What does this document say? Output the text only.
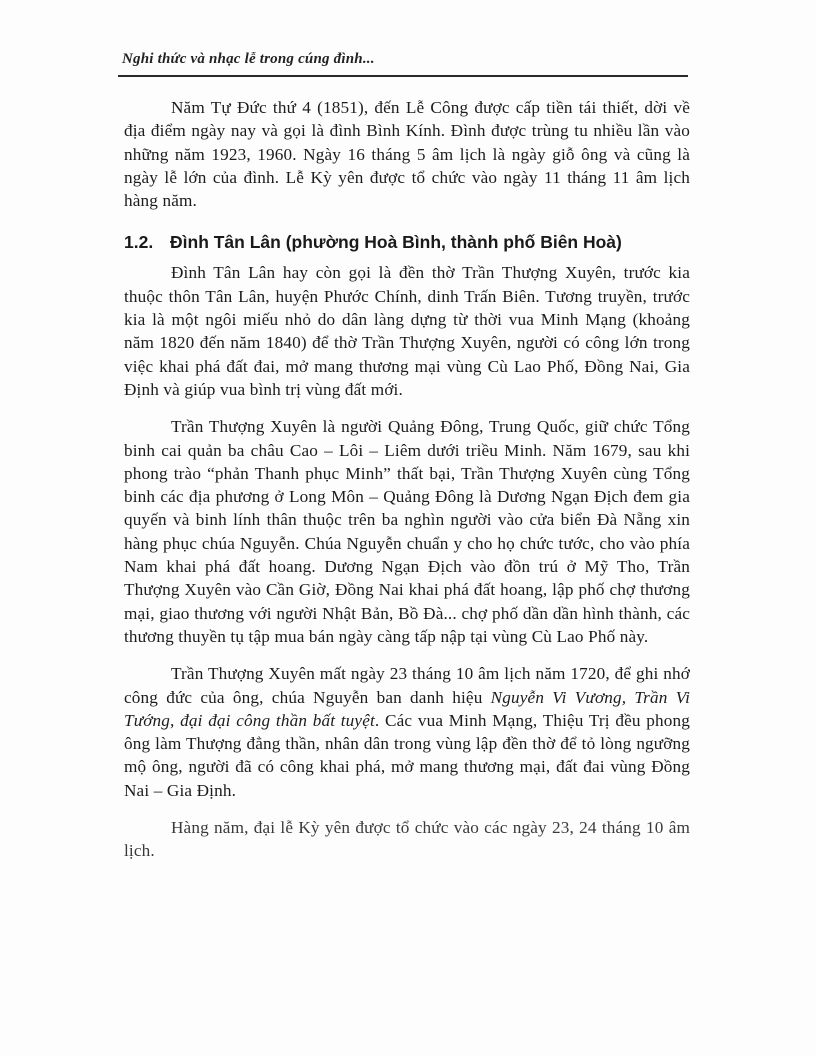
Nghi thức và nhạc lễ trong cúng đình...

Năm Tự Đức thứ 4 (1851), đến Lễ Công được cấp tiền tái thiết, dời về địa điểm ngày nay và gọi là đình Bình Kính. Đình được trùng tu nhiều lần vào những năm 1923, 1960. Ngày 16 tháng 5 âm lịch là ngày giỗ ông và cũng là ngày lễ lớn của đình. Lễ Kỳ yên được tổ chức vào ngày 11 tháng 11 âm lịch hàng năm.

1.2. Đình Tân Lân (phường Hoà Bình, thành phố Biên Hoà)

Đình Tân Lân hay còn gọi là đền thờ Trần Thượng Xuyên, trước kia thuộc thôn Tân Lân, huyện Phước Chính, dinh Trấn Biên. Tương truyền, trước kia là một ngôi miếu nhỏ do dân làng dựng từ thời vua Minh Mạng (khoảng năm 1820 đến năm 1840) để thờ Trần Thượng Xuyên, người có công lớn trong việc khai phá đất đai, mở mang thương mại vùng Cù Lao Phố, Đồng Nai, Gia Định và giúp vua bình trị vùng đất mới.

Trần Thượng Xuyên là người Quảng Đông, Trung Quốc, giữ chức Tổng binh cai quản ba châu Cao – Lôi – Liêm dưới triều Minh. Năm 1679, sau khi phong trào “phản Thanh phục Minh” thất bại, Trần Thượng Xuyên cùng Tổng binh các địa phương ở Long Môn – Quảng Đông là Dương Ngạn Địch đem gia quyến và binh lính thân thuộc trên ba nghìn người vào cửa biển Đà Nẵng xin hàng phục chúa Nguyễn. Chúa Nguyễn chuẩn y cho họ chức tước, cho vào phía Nam khai phá đất hoang. Dương Ngạn Địch vào đồn trú ở Mỹ Tho, Trần Thượng Xuyên vào Cần Giờ, Đồng Nai khai phá đất hoang, lập phố chợ thương mại, giao thương với người Nhật Bản, Bồ Đà... chợ phố dần dần hình thành, các thương thuyền tụ tập mua bán ngày càng tấp nập tại vùng Cù Lao Phố này.

Trần Thượng Xuyên mất ngày 23 tháng 10 âm lịch năm 1720, để ghi nhớ công đức của ông, chúa Nguyễn ban danh hiệu Nguyễn Vi Vương, Trần Vi Tướng, đại đại công thần bất tuyệt. Các vua Minh Mạng, Thiệu Trị đều phong ông làm Thượng đẳng thần, nhân dân trong vùng lập đền thờ để tỏ lòng ngưỡng mộ ông, người đã có công khai phá, mở mang thương mại, đất đai vùng Đồng Nai – Gia Định.

Hàng năm, đại lễ Kỳ yên được tổ chức vào các ngày 23, 24 tháng 10 âm lịch.
